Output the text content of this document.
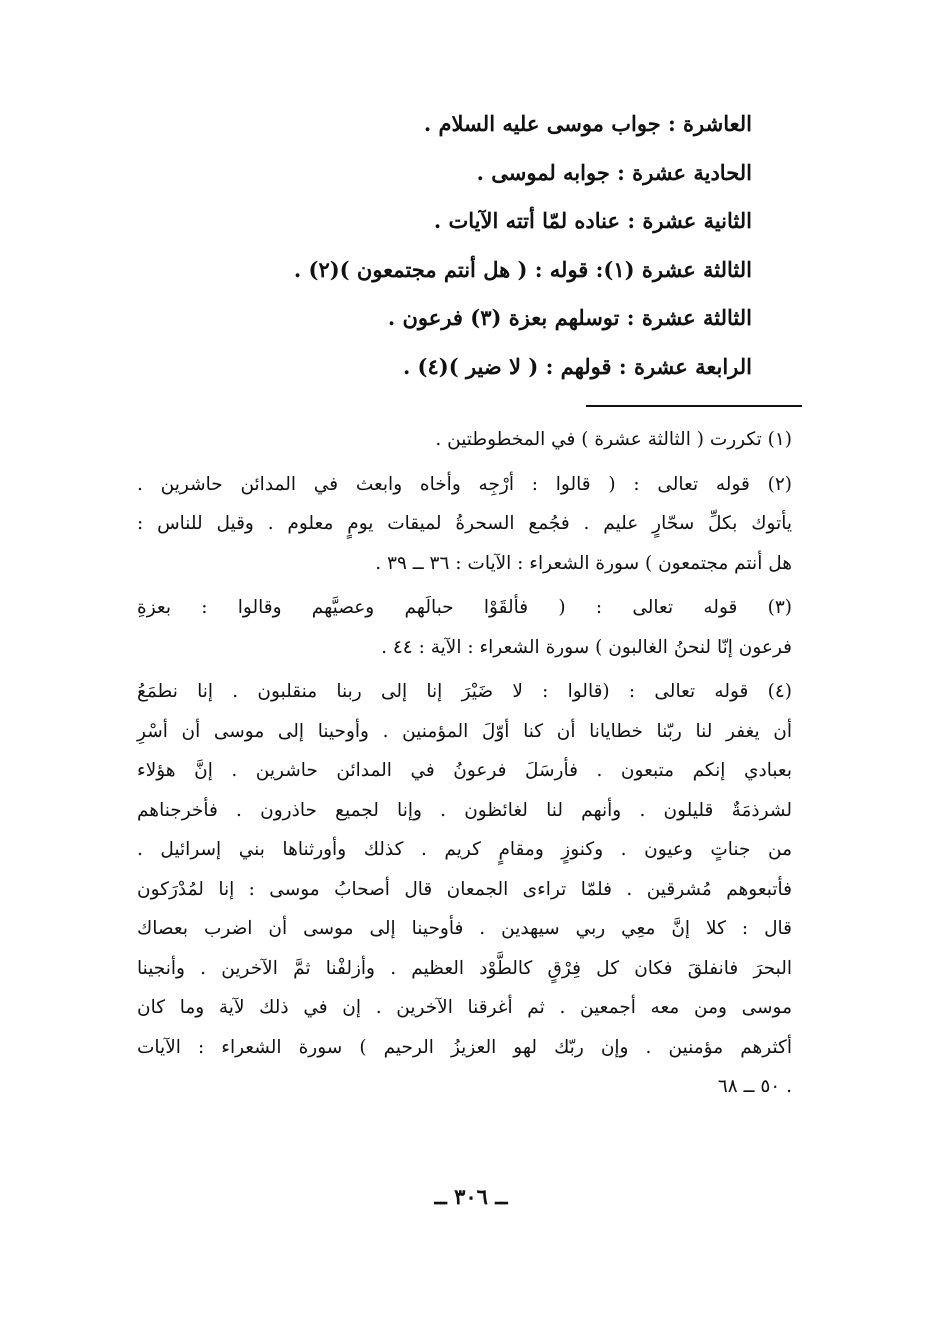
العاشرة : جواب موسى عليه السلام .
الحادية عشرة : جوابه لموسى .
الثانية عشرة : عناده لمّا أتته الآيات .
الثالثة عشرة (١): قوله : ( هل أنتم مجتمعون )(٢) .
الثالثة عشرة : توسلهم بعزة (٣) فرعون .
الرابعة عشرة : قولهم : ( لا ضير )(٤) .
(١) تكررت ( الثالثة عشرة ) في المخطوطتين .
(٢) قوله تعالى : ( قالوا : أرْجِه وأخاه وابعث في المدائن حاشرين .
يأتوك بكلِّ سحّارٍ عليم . فجُمع السحرةُ لميقات يومٍ معلوم . وقيل للناس :
هل أنتم مجتمعون ) سورة الشعراء : الآيات : ٣٦ ــ ٣٩ .
(٣) قوله تعالى : ( فألقَوْا حبالَهم وعصيَّهم وقالوا : بعزةِ
فرعون إنّا لنحنُ الغالبون ) سورة الشعراء : الآية : ٤٤ .
(٤) قوله تعالى : (قالوا : لا ضَيْرَ إنا إلى ربنا منقلبون . إنا نطمَعُ
أن يغفر لنا ربّنا خطايانا أن كنا أوّلَ المؤمنين . وأوحينا إلى موسى أن أسْرِ
بعبادي إنكم متبعون . فأرسَلَ فرعونُ في المدائن حاشرين . إنَّ هؤلاء
لشرذمَةٌ قليلون . وأنهم لنا لغائظون . وإنا لجميع حاذرون . فأخرجناهم
من جناتٍ وعيون . وكنوزٍ ومقامٍ كريم . كذلك وأورثناها بني إسرائيل .
فأتبعوهم مُشرقين . فلمّا تراءى الجمعان قال أصحابُ موسى : إنا لمُدْرَكون
قال : كلا إنَّ معِي ربي سيهدين . فأوحينا إلى موسى أن اضرب بعصاك
البحرَ فانفلقَ فكان كل فِرْقٍ كالطَّوْد العظيم . وأزلفْنا ثمَّ الآخرين . وأنجينا
موسى ومن معه أجمعين . ثم أغرقنا الآخرين . إن في ذلك لآية وما كان
أكثرهم مؤمنين . وإن ربّك لهو العزيزُ الرحيم ) سورة الشعراء : الآيات
. ٥٠ ــ ٦٨
ــ ٣٠٦ ــ
